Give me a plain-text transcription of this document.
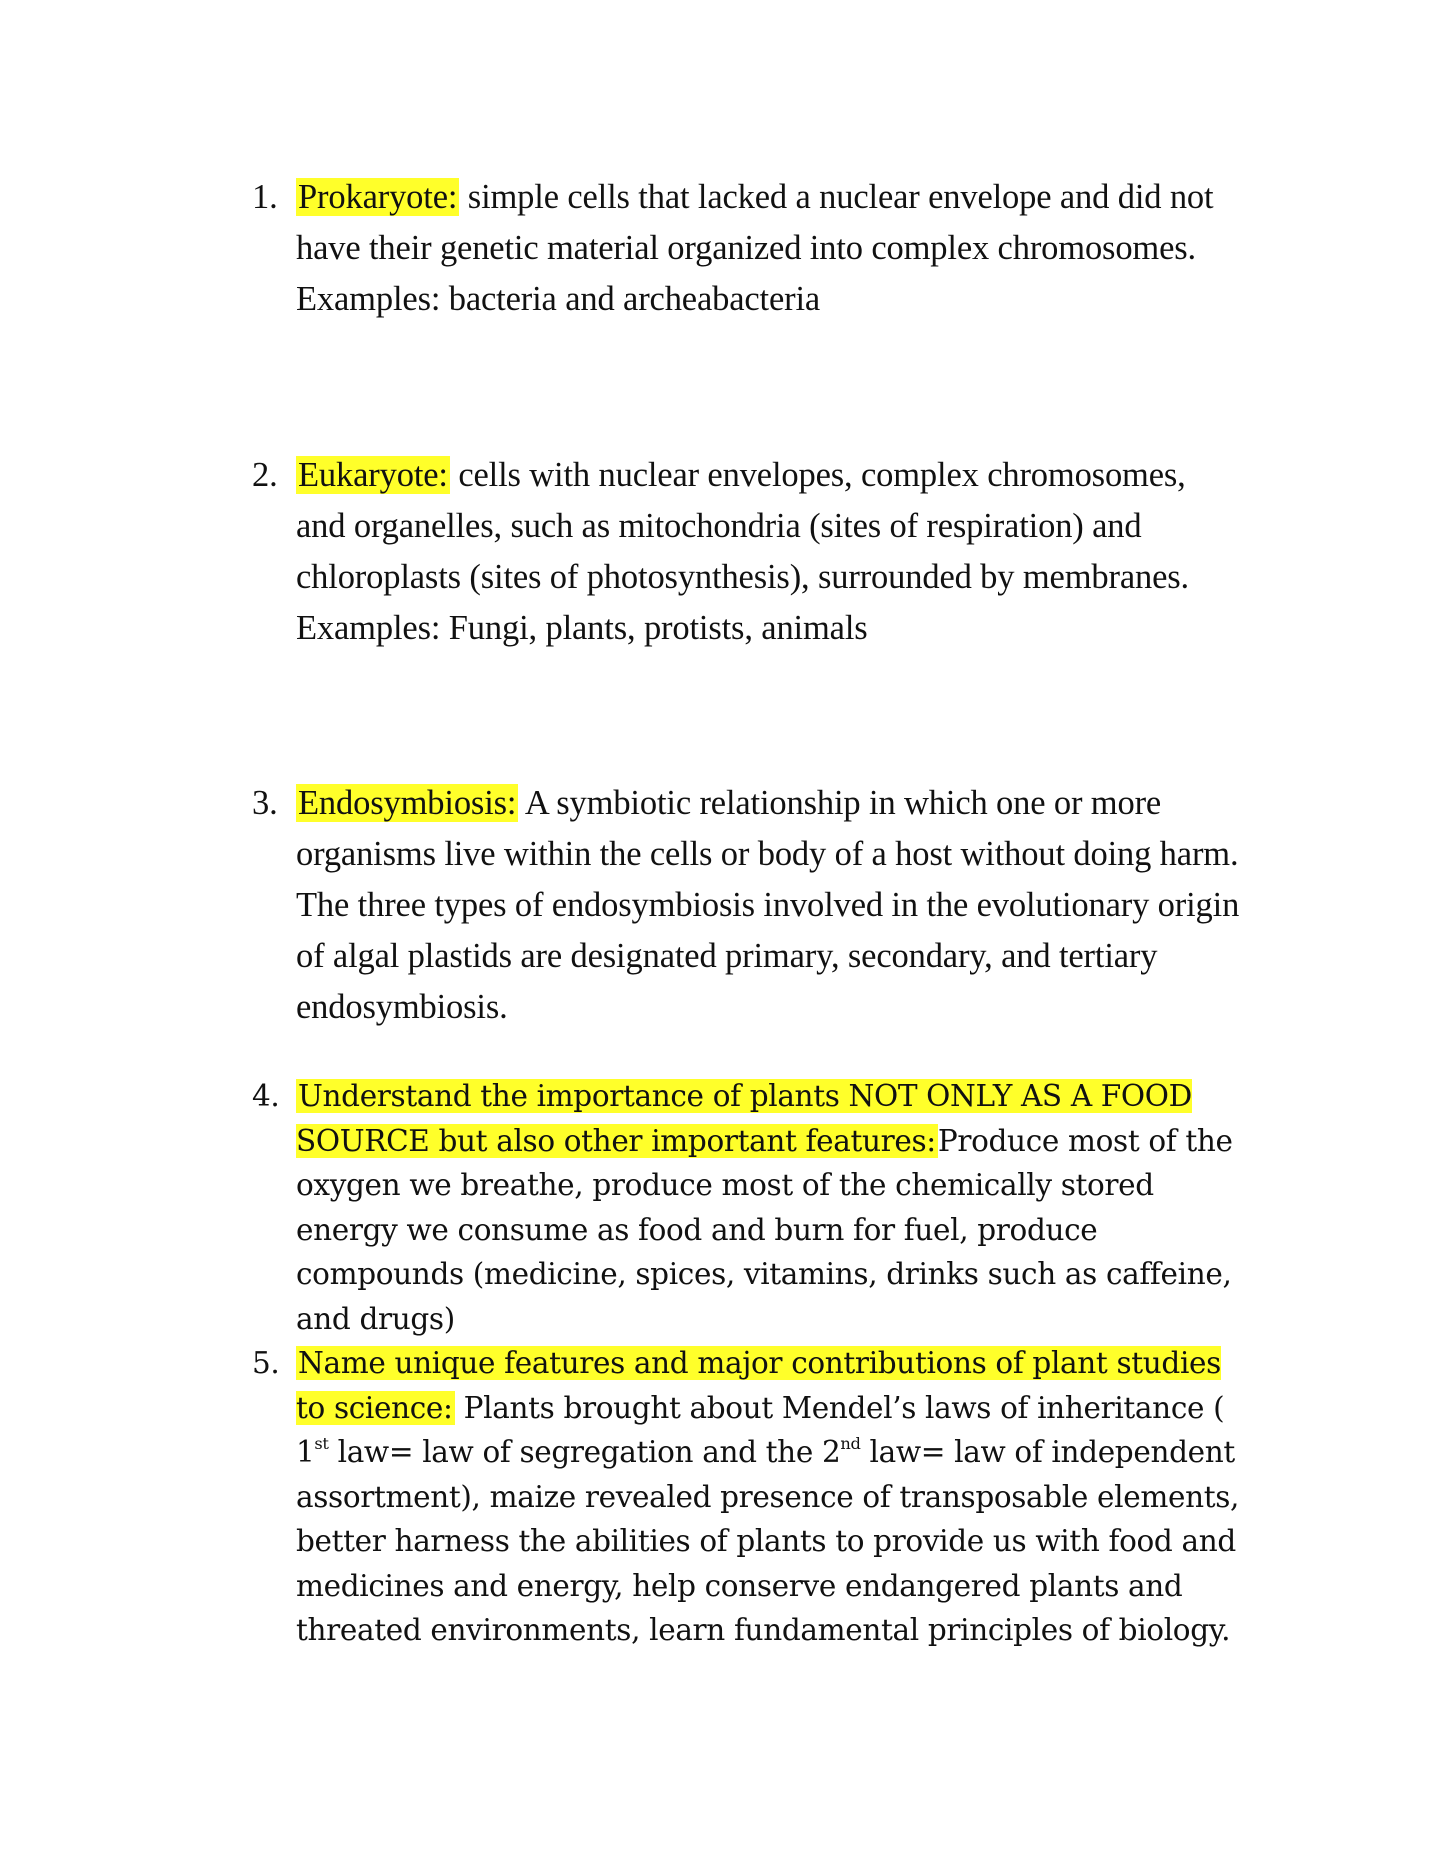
1. Prokaryote: simple cells that lacked a nuclear envelope and did not have their genetic material organized into complex chromosomes.
Examples: bacteria and archeabacteria
2. Eukaryote: cells with nuclear envelopes, complex chromosomes, and organelles, such as mitochondria (sites of respiration) and chloroplasts (sites of photosynthesis), surrounded by membranes. Examples: Fungi, plants, protists, animals
3. Endosymbiosis: A symbiotic relationship in which one or more organisms live within the cells or body of a host without doing harm. The three types of endosymbiosis involved in the evolutionary origin of algal plastids are designated primary, secondary, and tertiary endosymbiosis.
4. Understand the importance of plants NOT ONLY AS A FOOD SOURCE but also other important features:Produce most of the oxygen we breathe, produce most of the chemically stored energy we consume as food and burn for fuel, produce compounds (medicine, spices, vitamins, drinks such as caffeine, and drugs)
5. Name unique features and major contributions of plant studies to science: Plants brought about Mendel’s laws of inheritance ( 1st law= law of segregation and the 2nd law= law of independent assortment), maize revealed presence of transposable elements, better harness the abilities of plants to provide us with food and medicines and energy, help conserve endangered plants and threated environments, learn fundamental principles of biology.
